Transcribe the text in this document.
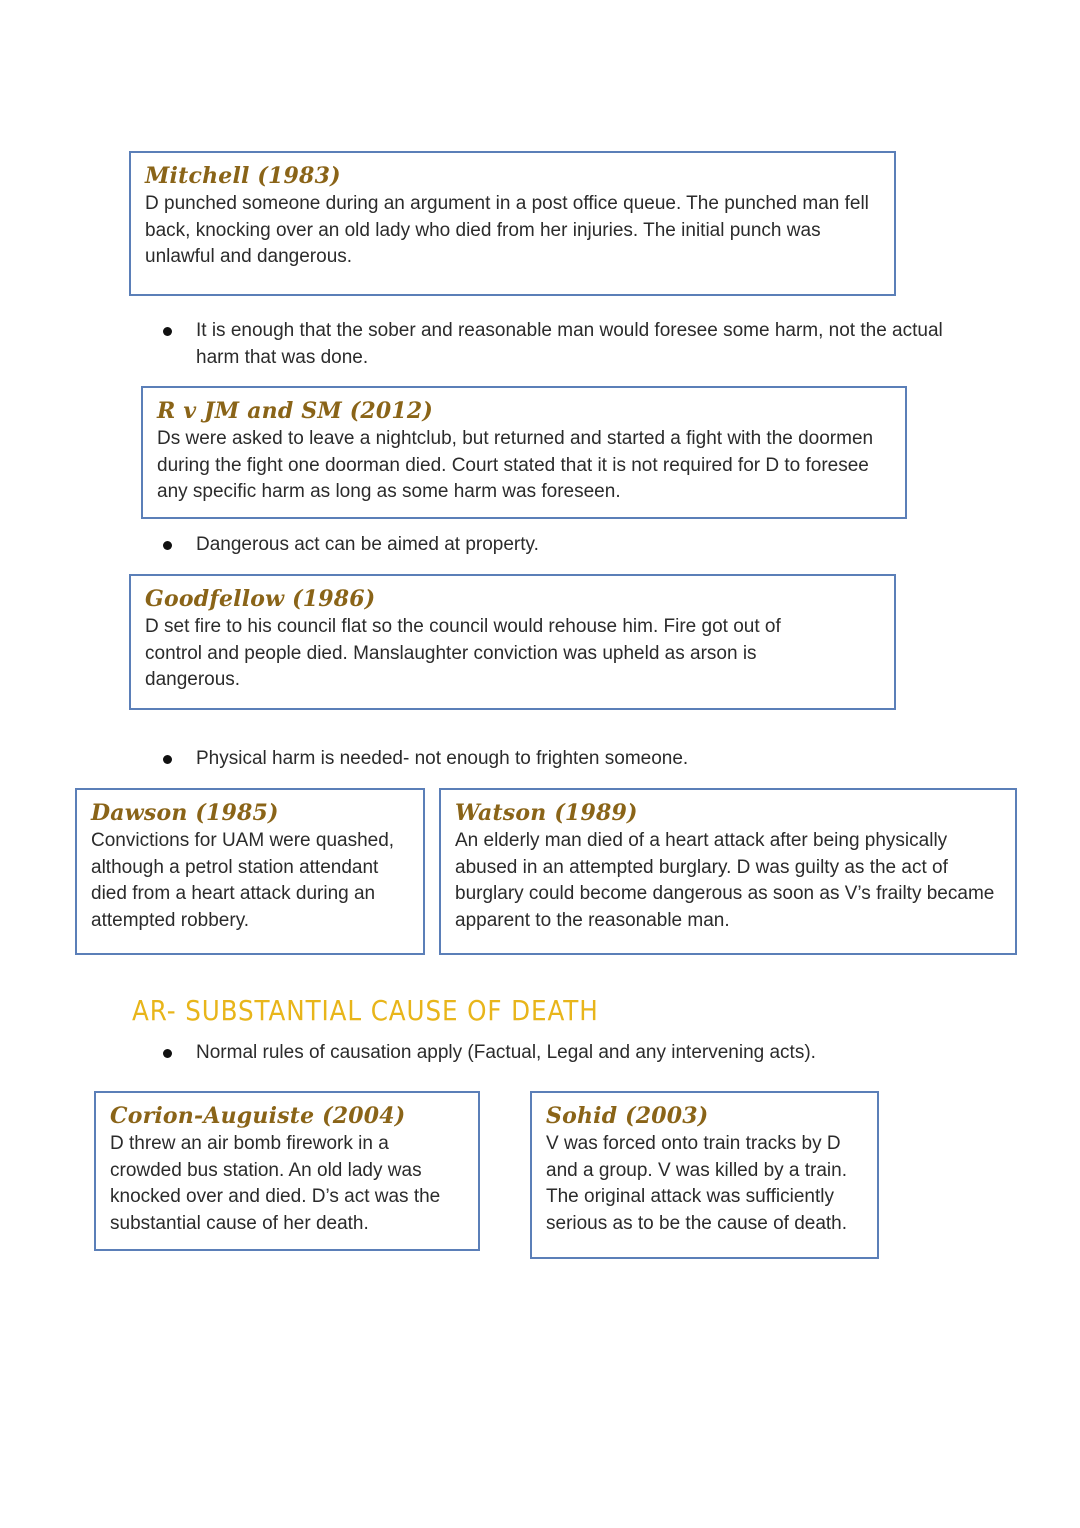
Mitchell (1983)

D punched someone during an argument in a post office queue. The punched man fell back, knocking over an old lady who died from her injuries. The initial punch was unlawful and dangerous.

It is enough that the sober and reasonable man would foresee some harm, not the actual harm that was done.

R v JM and SM (2012)

Ds were asked to leave a nightclub, but returned and started a fight with the doormen during the fight one doorman died. Court stated that it is not required for D to foresee any specific harm as long as some harm was foreseen.

Dangerous act can be aimed at property.

Goodfellow (1986)

D set fire to his council flat so the council would rehouse him. Fire got out of control and people died. Manslaughter conviction was upheld as arson is dangerous.

Physical harm is needed- not enough to frighten someone.

Dawson (1985)

Convictions for UAM were quashed, although a petrol station attendant died from a heart attack during an attempted robbery.

Watson (1989)

An elderly man died of a heart attack after being physically abused in an attempted burglary. D was guilty as the act of burglary could become dangerous as soon as V’s frailty became apparent to the reasonable man.

AR- SUBSTANTIAL CAUSE OF DEATH
Normal rules of causation apply (Factual, Legal and any intervening acts).

Corion-Auguiste (2004)

D threw an air bomb firework in a crowded bus station. An old lady was knocked over and died. D’s act was the substantial cause of her death.

Sohid (2003)

V was forced onto train tracks by D and a group. V was killed by a train. The original attack was sufficiently serious as to be the cause of death.
